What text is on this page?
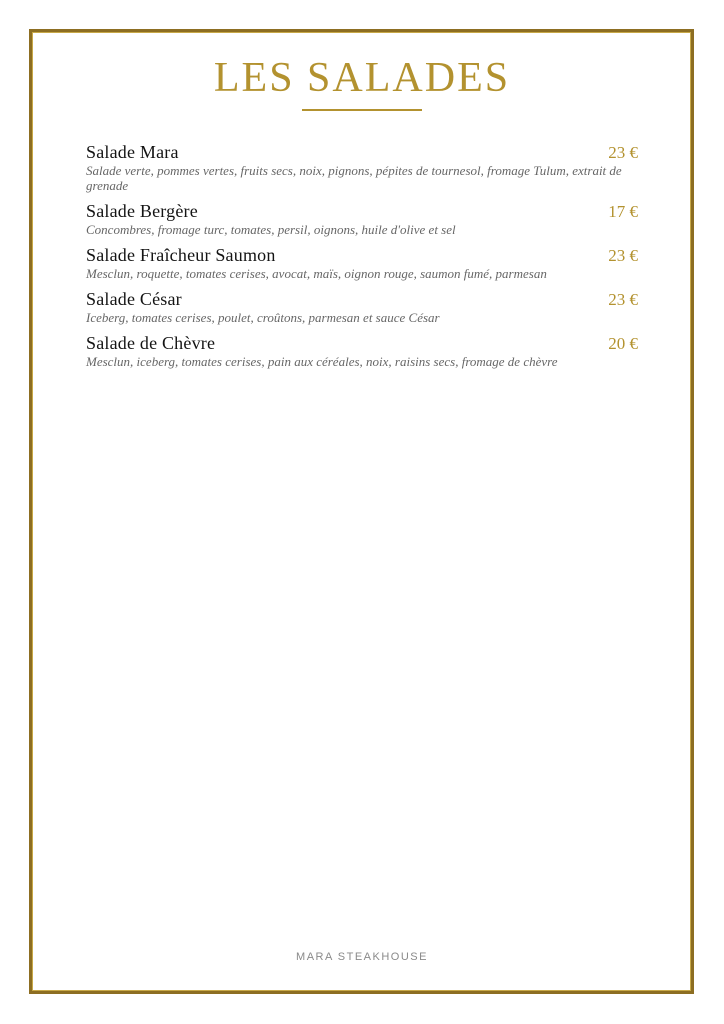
LES SALADES
Salade Mara	23 €
Salade verte, pommes vertes, fruits secs, noix, pignons, pépites de tournesol, fromage Tulum, extrait de grenade
Salade Bergère	17 €
Concombres, fromage turc, tomates, persil, oignons, huile d'olive et sel
Salade Fraîcheur Saumon	23 €
Mesclun, roquette, tomates cerises, avocat, maïs, oignon rouge, saumon fumé, parmesan
Salade César	23 €
Iceberg, tomates cerises, poulet, croûtons, parmesan et sauce César
Salade de Chèvre	20 €
Mesclun, iceberg, tomates cerises, pain aux céréales, noix, raisins secs, fromage de chèvre
MARA STEAKHOUSE
